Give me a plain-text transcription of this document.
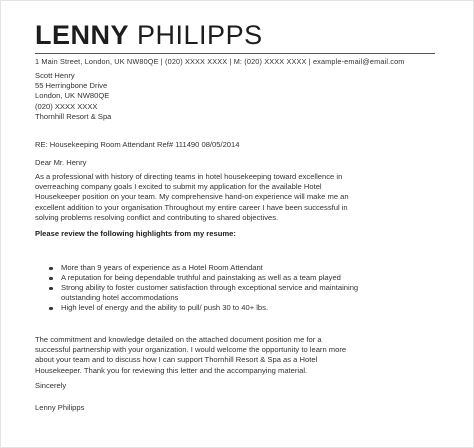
LENNY PHILIPPS
1 Main Street, London, UK NW80QE | (020) XXXX XXXX | M: (020) XXXX XXXX | example-email@email.com
Scott Henry
55 Herringbone Drive
London, UK NW80QE
(020) XXXX XXXX
Thornhill Resort & Spa
RE: Housekeeping Room Attendant Ref# 111490 08/05/2014
Dear Mr. Henry
As a professional with history of directing teams in hotel housekeeping toward excellence in
overreaching company goals I excited to submit my application for the available Hotel
Housekeeper position on your team. My comprehensive hand-on experience will make me an
excellent addition to your organisation Throughout my entire career I have been successful in
solving problems resolving conflict and contributing to shared objectives.
Please review the following highlights from my resume:
More than 9 years of experience as a Hotel Room Attendant
A reputation for being dependable truthful and painstaking as well as a team played
Strong ability to foster customer satisfaction through exceptional service and maintaining
outstanding hotel accommodations
High level of energy and the ability to pull/ push 30 to 40+ lbs.
The commitment and knowledge detailed on the attached document position me for a
successful partnership with your organization. I would welcome the opportunity to learn more
about your team and to discuss how I can support Thornhill Resort & Spa as a Hotel
Housekeeper. Thank you for reviewing this letter and the accompanying material.
Sincerely
Lenny Philipps
